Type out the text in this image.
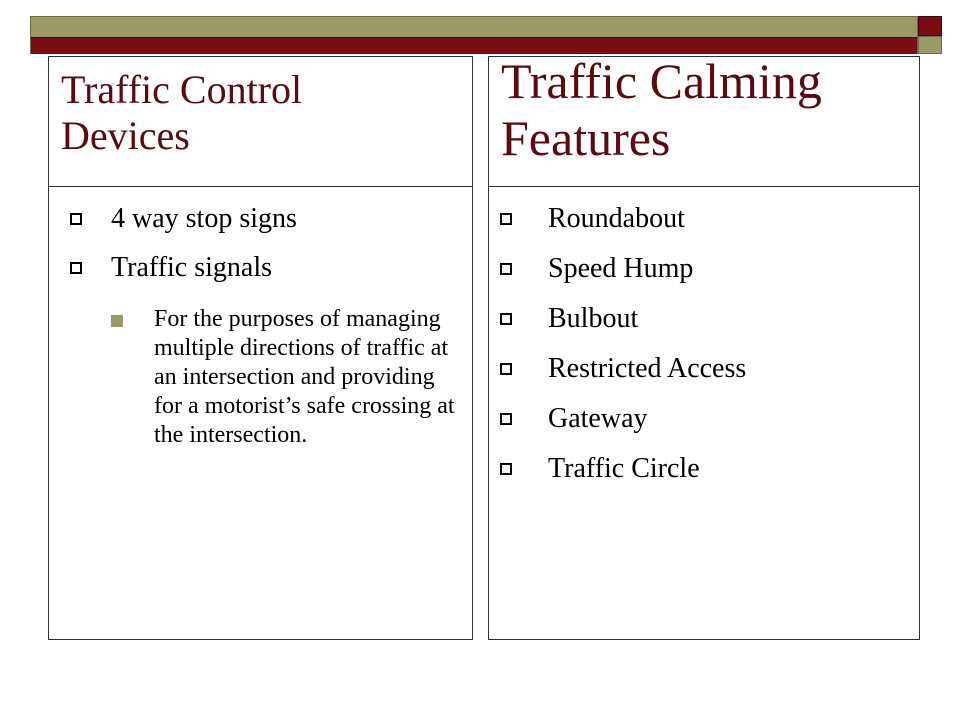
Traffic Control
Devices
4 way stop signs
Traffic signals
For the purposes of managing multiple directions of traffic at an intersection and providing for a motorist’s safe crossing at the intersection.
Traffic Calming
Features
Roundabout
Speed Hump
Bulbout
Restricted Access
Gateway
Traffic Circle
